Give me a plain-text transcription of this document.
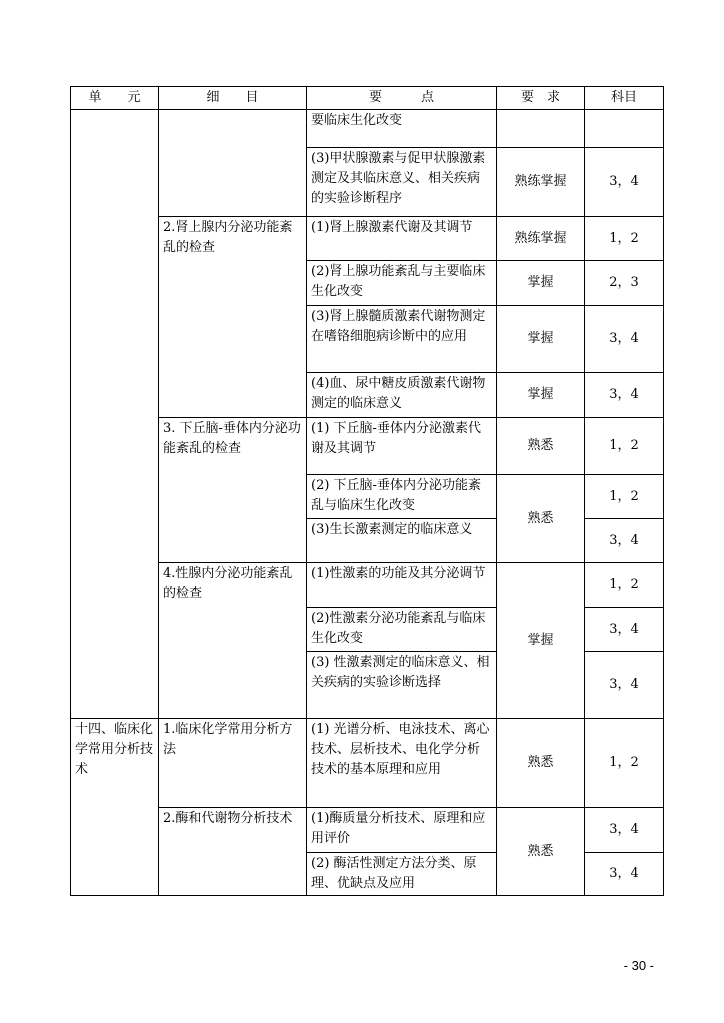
单　　元	细　　目	要　　　点	要　求	科目
		要临床生化改变		
		(3)甲状腺激素与促甲状腺激素测定及其临床意义、相关疾病的实验诊断程序	熟练掌握	3，4
	2.肾上腺内分泌功能紊乱的检查	(1)肾上腺激素代谢及其调节	熟练掌握	1，2
		(2)肾上腺功能紊乱与主要临床生化改变	掌握	2，3
		(3)肾上腺髓质激素代谢物测定在嗜铬细胞病诊断中的应用	掌握	3，4
		(4)血、尿中糖皮质激素代谢物测定的临床意义	掌握	3，4
	3. 下丘脑-垂体内分泌功能紊乱的检查	(1) 下丘脑-垂体内分泌激素代谢及其调节	熟悉	1，2
		(2) 下丘脑-垂体内分泌功能紊乱与临床生化改变	熟悉	1，2
		(3)生长激素测定的临床意义		3，4
	4.性腺内分泌功能紊乱的检查	(1)性激素的功能及其分泌调节	掌握	1，2
		(2)性激素分泌功能紊乱与临床生化改变		3，4
		(3) 性激素测定的临床意义、相关疾病的实验诊断选择		3，4
十四、临床化学常用分析技术	1.临床化学常用分析方法	(1) 光谱分析、电泳技术、离心技术、层析技术、电化学分析技术的基本原理和应用	熟悉	1，2
	2.酶和代谢物分析技术	(1)酶质量分析技术、原理和应用评价	熟悉	3，4
		(2) 酶活性测定方法分类、原理、优缺点及应用		3，4
- 30 -
